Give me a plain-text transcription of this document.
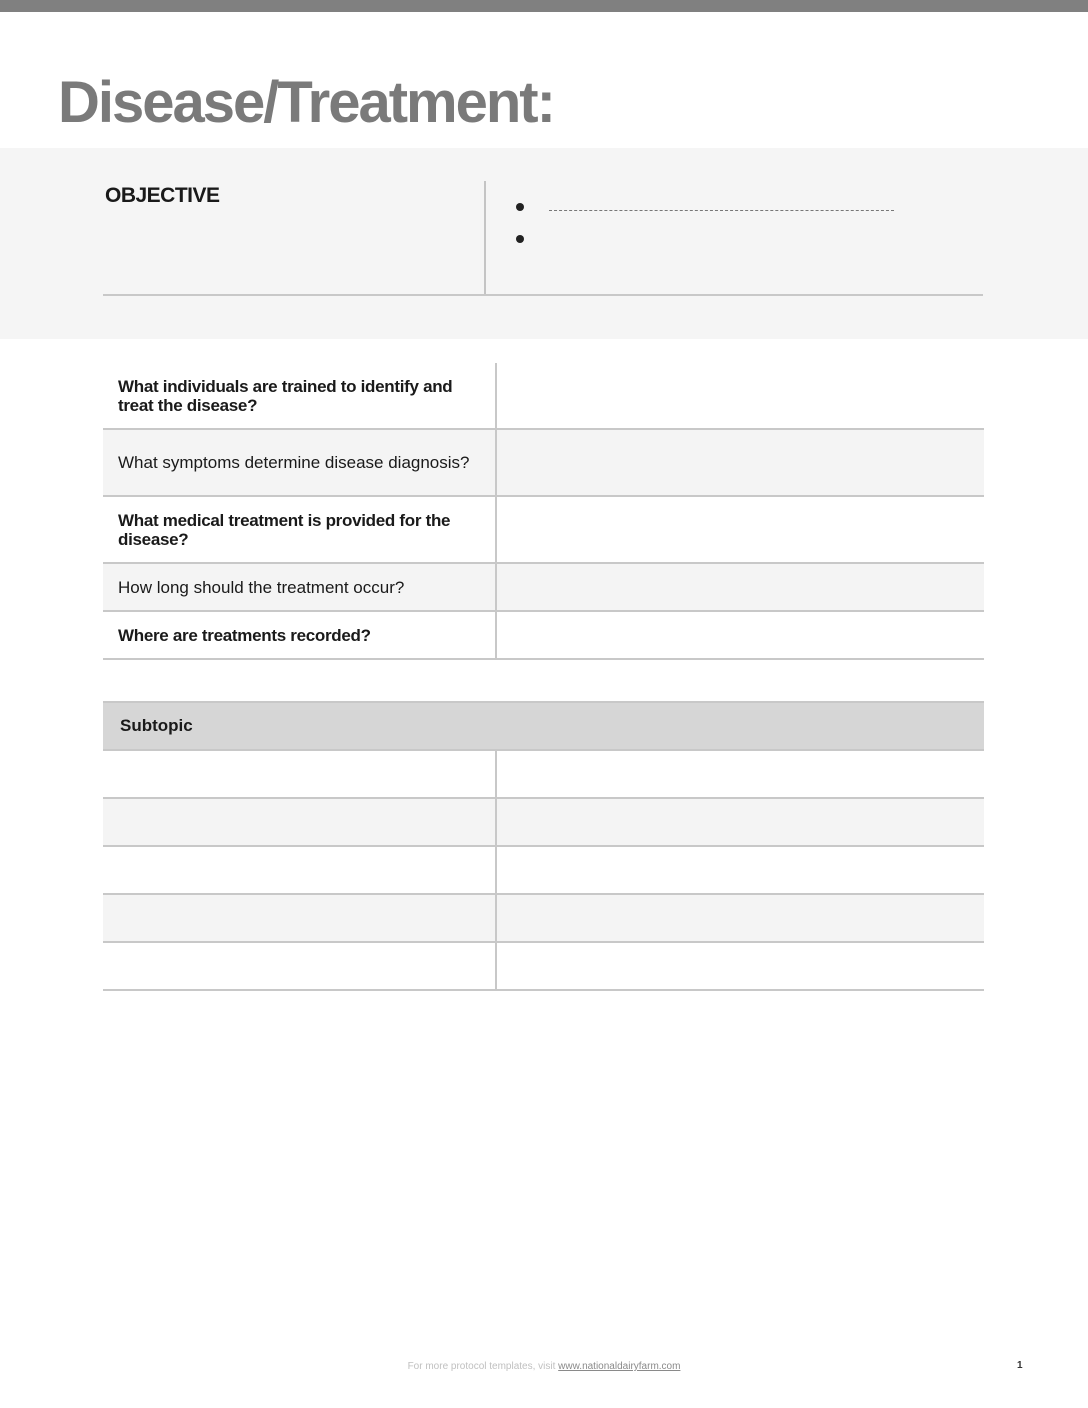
Disease/Treatment:
OBJECTIVE
What individuals are trained to identify and treat the disease?
What symptoms determine disease diagnosis?
What medical treatment is provided for the disease?
How long should the treatment occur?
Where are treatments recorded?
Subtopic
For more protocol templates, visit www.nationaldairyfarm.com	1
